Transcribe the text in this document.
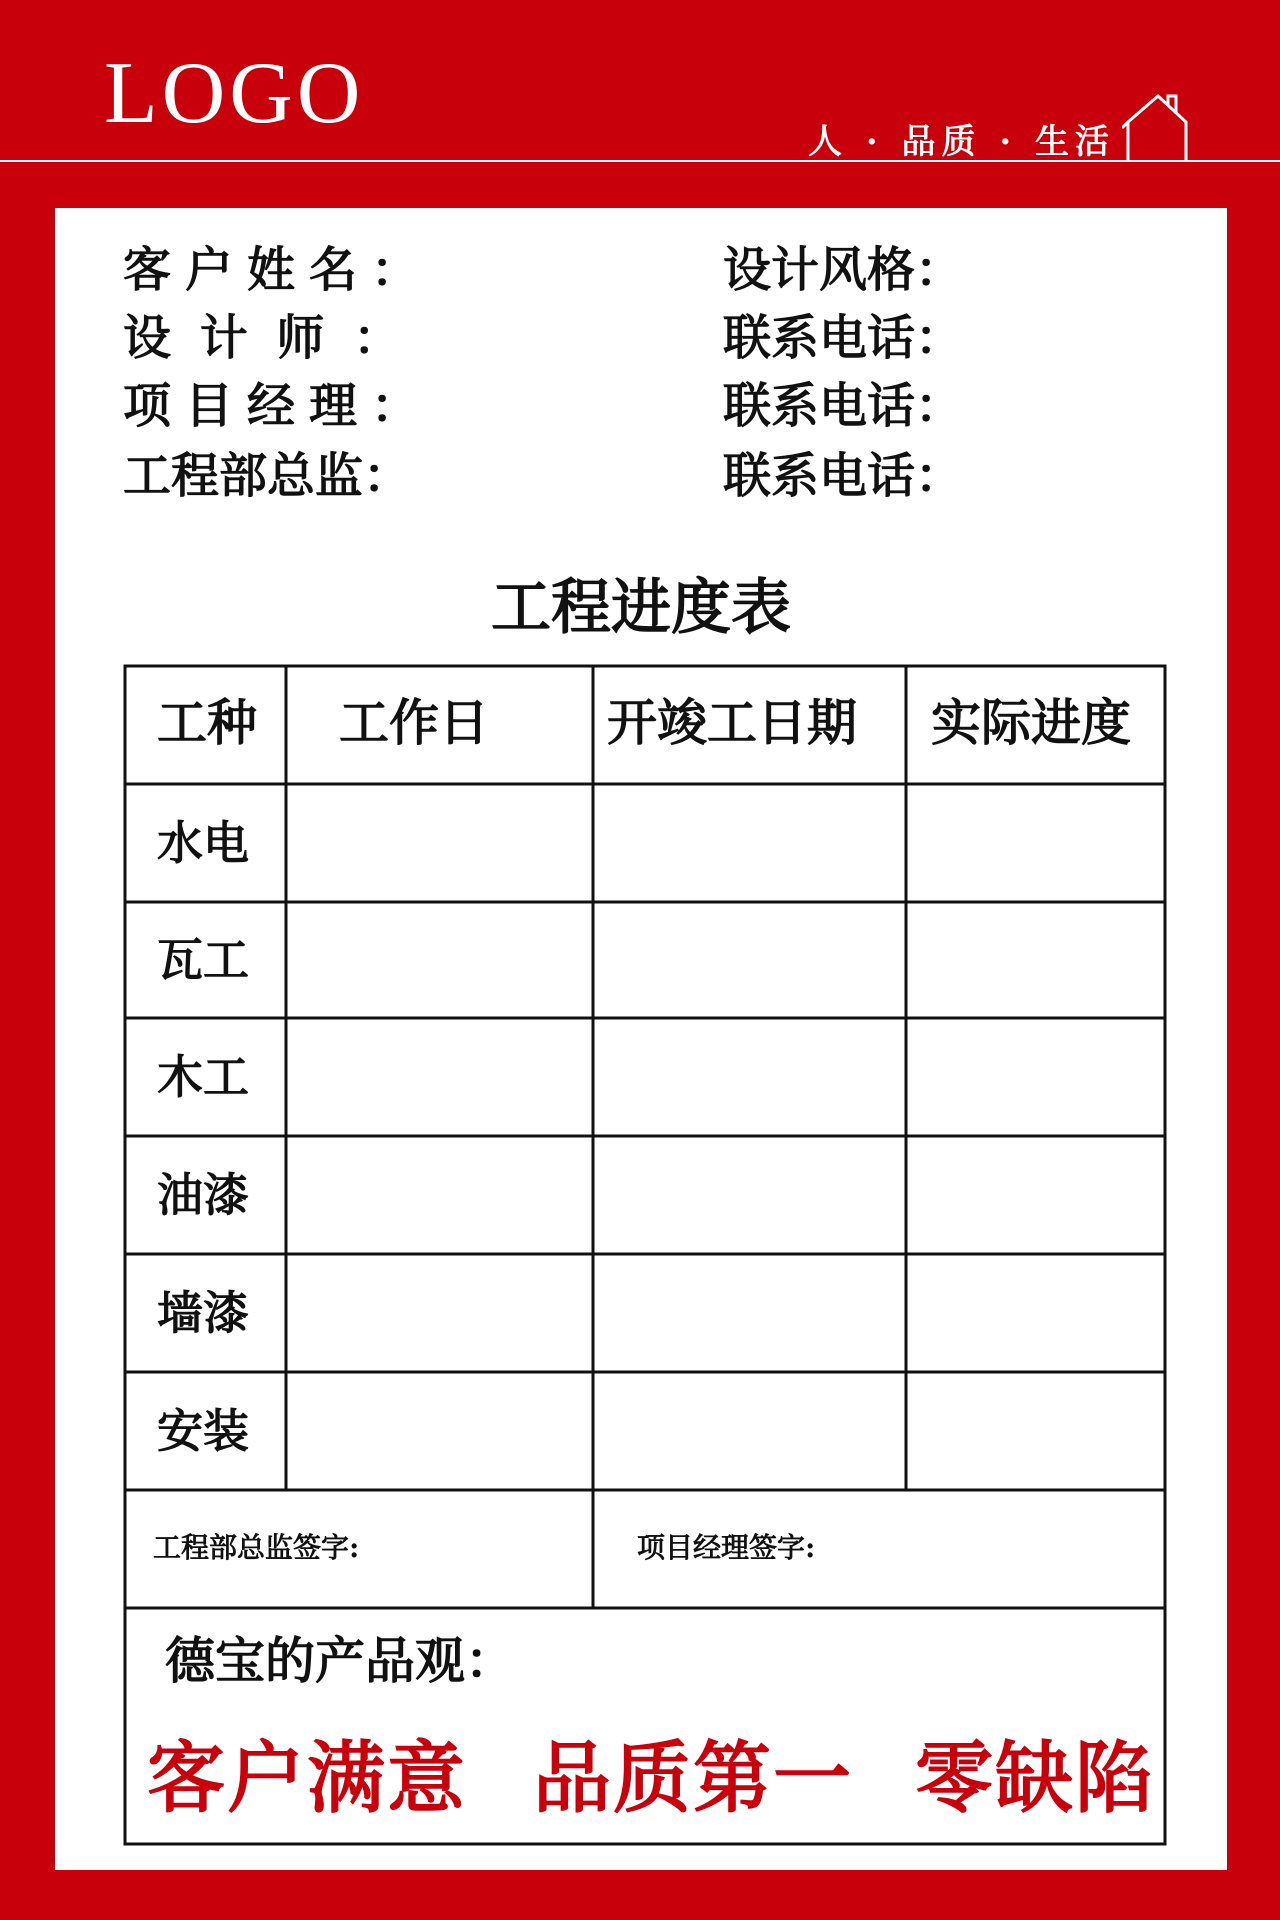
LOGO	人 · 品质 · 生活
客户姓名：
设 计 师 ：
项目经理：
工程部总监：
设计风格：
联系电话：
联系电话：
联系电话：
工程进度表
工种 工作日 开竣工日期 实际进度
水电
瓦工
木工
油漆
墙漆
安装
工程部总监签字:	项目经理签字:
德宝的产品观：
客户满意 品质第一 零缺陷
